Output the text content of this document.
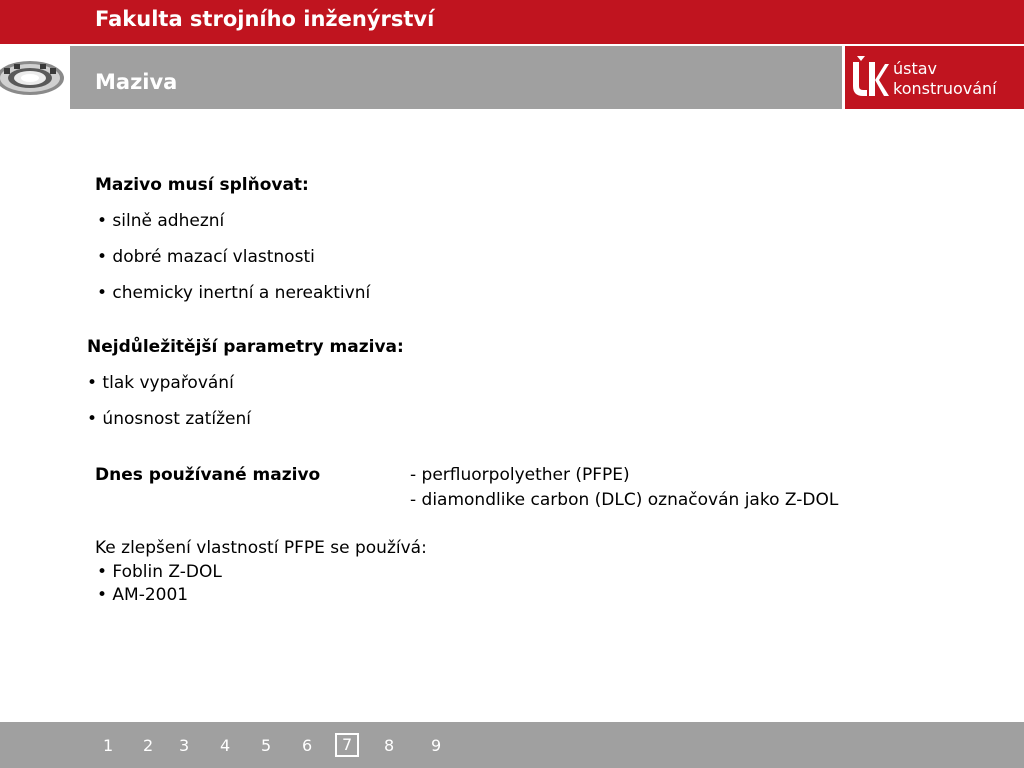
Fakulta strojního inženýrství
Maziva
ústav
konstruování
Mazivo musí splňovat:
• silně adhezní
• dobré mazací vlastnosti
• chemicky inertní a nereaktivní
Nejdůležitější parametry maziva:
• tlak vypařování
• únosnost zatížení
Dnes používané mazivo	- perfluorpolyether (PFPE)
- diamondlike carbon (DLC) označován jako Z-DOL
Ke zlepšení vlastností PFPE se používá:
• Foblin Z-DOL
• AM-2001
1 2 3 4 5 6	7	8 9
